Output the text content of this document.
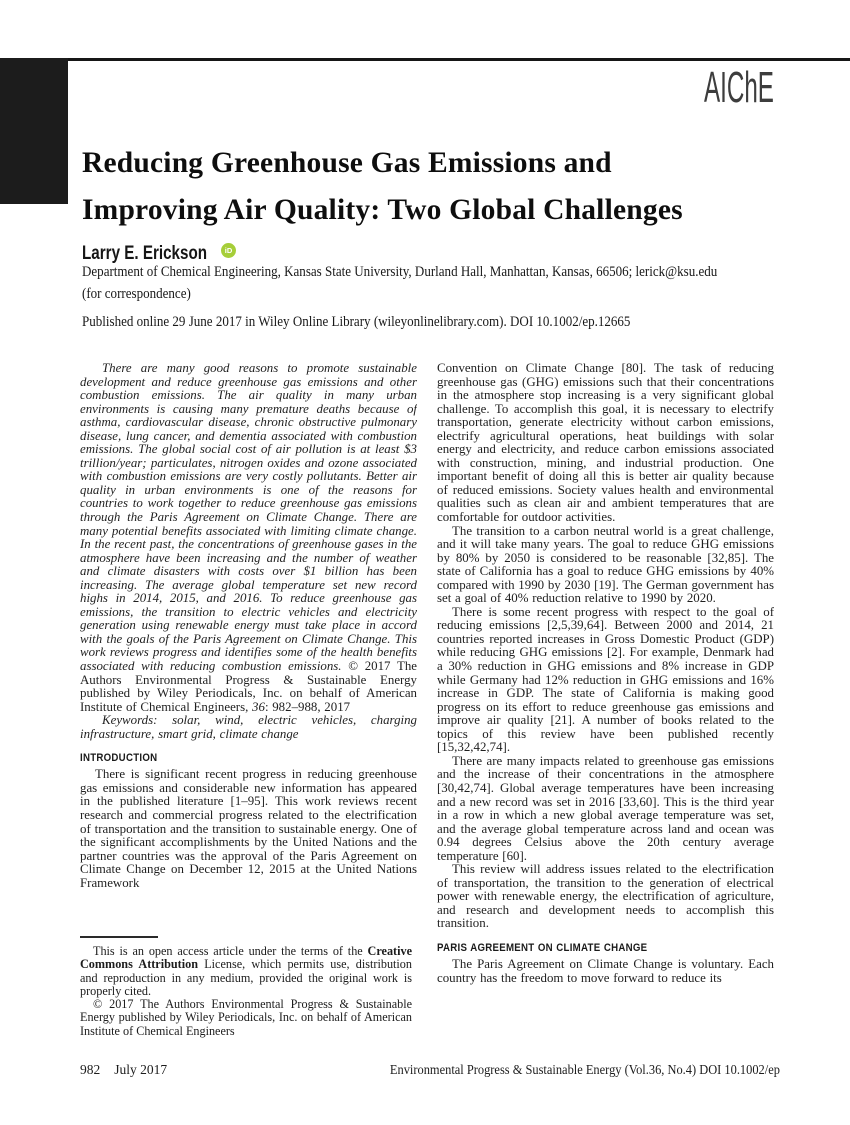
AIChE
Reducing Greenhouse Gas Emissions and
Improving Air Quality: Two Global Challenges
Larry E. Erickson	iD
Department of Chemical Engineering, Kansas State University, Durland Hall, Manhattan, Kansas, 66506; lerick@ksu.edu
(for correspondence)
Published online 29 June 2017 in Wiley Online Library (wileyonlinelibrary.com). DOI 10.1002/ep.12665

There are many good reasons to promote sustainable development and reduce greenhouse gas emissions and other combustion emissions. The air quality in many urban environments is causing many premature deaths because of asthma, cardiovascular disease, chronic obstructive pulmonary disease, lung cancer, and dementia associated with combustion emissions. The global social cost of air pollution is at least $3 trillion/year; particulates, nitrogen oxides and ozone associated with combustion emissions are very costly pollutants. Better air quality in urban environments is one of the reasons for countries to work together to reduce greenhouse gas emissions through the Paris Agreement on Climate Change. There are many potential benefits associated with limiting climate change. In the recent past, the concentrations of greenhouse gases in the atmosphere have been increasing and the number of weather and climate disasters with costs over $1 billion has been increasing. The average global temperature set new record highs in 2014, 2015, and 2016. To reduce greenhouse gas emissions, the transition to electric vehicles and electricity generation using renewable energy must take place in accord with the goals of the Paris Agreement on Climate Change. This work reviews progress and identifies some of the health benefits associated with reducing combustion emissions. © 2017 The Authors Environmental Progress & Sustainable Energy published by Wiley Periodicals, Inc. on behalf of American Institute of Chemical Engineers, 36: 982–988, 2017

Keywords: solar, wind, electric vehicles, charging infrastructure, smart grid, climate change

INTRODUCTION

There is significant recent progress in reducing greenhouse gas emissions and considerable new information has appeared in the published literature [1–95]. This work reviews recent research and commercial progress related to the electrification of transportation and the transition to sustainable energy. One of the significant accomplishments by the United Nations and the partner countries was the approval of the Paris Agreement on Climate Change on December 12, 2015 at the United Nations Framework

Convention on Climate Change [80]. The task of reducing greenhouse gas (GHG) emissions such that their concentrations in the atmosphere stop increasing is a very significant global challenge. To accomplish this goal, it is necessary to electrify transportation, generate electricity without carbon emissions, electrify agricultural operations, heat buildings with solar energy and electricity, and reduce carbon emissions associated with construction, mining, and industrial production. One important benefit of doing all this is better air quality because of reduced emissions. Society values health and environmental qualities such as clean air and ambient temperatures that are comfortable for outdoor activities.

The transition to a carbon neutral world is a great challenge, and it will take many years. The goal to reduce GHG emissions by 80% by 2050 is considered to be reasonable [32,85]. The state of California has a goal to reduce GHG emissions by 40% compared with 1990 by 2030 [19]. The German government has set a goal of 40% reduction relative to 1990 by 2020.

There is some recent progress with respect to the goal of reducing emissions [2,5,39,64]. Between 2000 and 2014, 21 countries reported increases in Gross Domestic Product (GDP) while reducing GHG emissions [2]. For example, Denmark had a 30% reduction in GHG emissions and 8% increase in GDP while Germany had 12% reduction in GHG emissions and 16% increase in GDP. The state of California is making good progress on its effort to reduce greenhouse gas emissions and improve air quality [21]. A number of books related to the topics of this review have been published recently [15,32,42,74].

There are many impacts related to greenhouse gas emissions and the increase of their concentrations in the atmosphere [30,42,74]. Global average temperatures have been increasing and a new record was set in 2016 [33,60]. This is the third year in a row in which a new global average temperature was set, and the average global temperature across land and ocean was 0.94 degrees Celsius above the 20th century average temperature [60].

This review will address issues related to the electrification of transportation, the transition to the generation of electrical power with renewable energy, the electrification of agriculture, and research and development needs to accomplish this transition.

PARIS AGREEMENT ON CLIMATE CHANGE

The Paris Agreement on Climate Change is voluntary. Each country has the freedom to move forward to reduce its

This is an open access article under the terms of the Creative Commons Attribution License, which permits use, distribution and reproduction in any medium, provided the original work is properly cited.

© 2017 The Authors Environmental Progress & Sustainable Energy published by Wiley Periodicals, Inc. on behalf of American Institute of Chemical Engineers

982 July 2017	Environmental Progress & Sustainable Energy (Vol.36, No.4) DOI 10.1002/ep
